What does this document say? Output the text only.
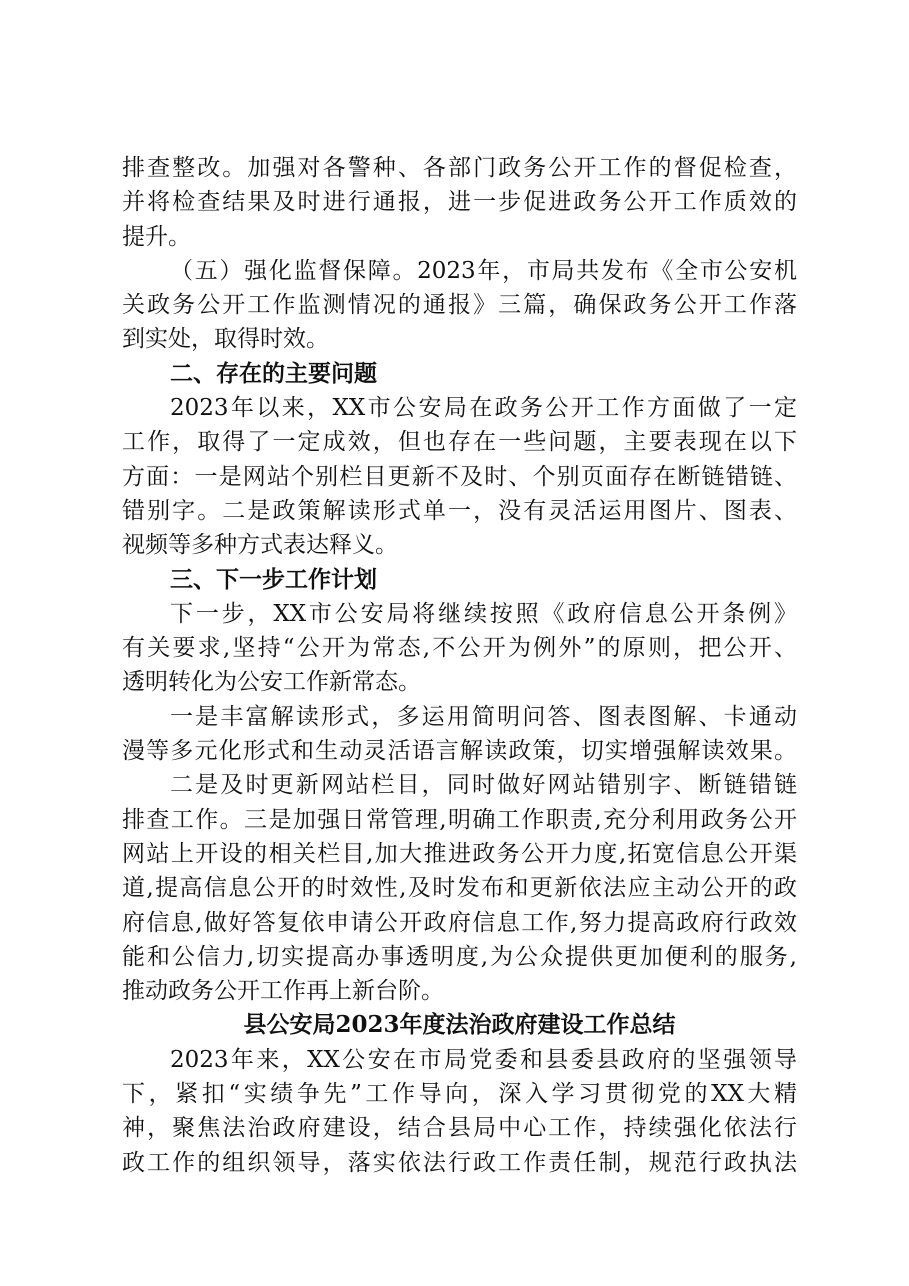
排查整改。加强对各警种、各部门政务公开工作的督促检查，
并将检查结果及时进行通报，进一步促进政务公开工作质效的
提升。
（五）强化监督保障。2023年，市局共发布《全市公安机
关政务公开工作监测情况的通报》三篇，确保政务公开工作落
到实处，取得时效。
二、存在的主要问题
2023年以来，XX市公安局在政务公开工作方面做了一定
工作，取得了一定成效，但也存在一些问题，主要表现在以下
方面：一是网站个别栏目更新不及时、个别页面存在断链错链、
错别字。二是政策解读形式单一，没有灵活运用图片、图表、
视频等多种方式表达释义。
三、下一步工作计划
下一步，XX市公安局将继续按照《政府信息公开条例》
有关要求,坚持“公开为常态,不公开为例外”的原则，把公开、
透明转化为公安工作新常态。
一是丰富解读形式，多运用简明问答、图表图解、卡通动
漫等多元化形式和生动灵活语言解读政策，切实增强解读效果。
二是及时更新网站栏目，同时做好网站错别字、断链错链
排查工作。三是加强日常管理,明确工作职责,充分利用政务公开
网站上开设的相关栏目,加大推进政务公开力度,拓宽信息公开渠
道,提高信息公开的时效性,及时发布和更新依法应主动公开的政
府信息,做好答复依申请公开政府信息工作,努力提高政府行政效
能和公信力,切实提高办事透明度,为公众提供更加便利的服务,
推动政务公开工作再上新台阶。
县公安局2023年度法治政府建设工作总结
2023年来，XX公安在市局党委和县委县政府的坚强领导
下，紧扣“实绩争先”工作导向，深入学习贯彻党的XX大精
神，聚焦法治政府建设，结合县局中心工作，持续强化依法行
政工作的组织领导，落实依法行政工作责任制，规范行政执法
